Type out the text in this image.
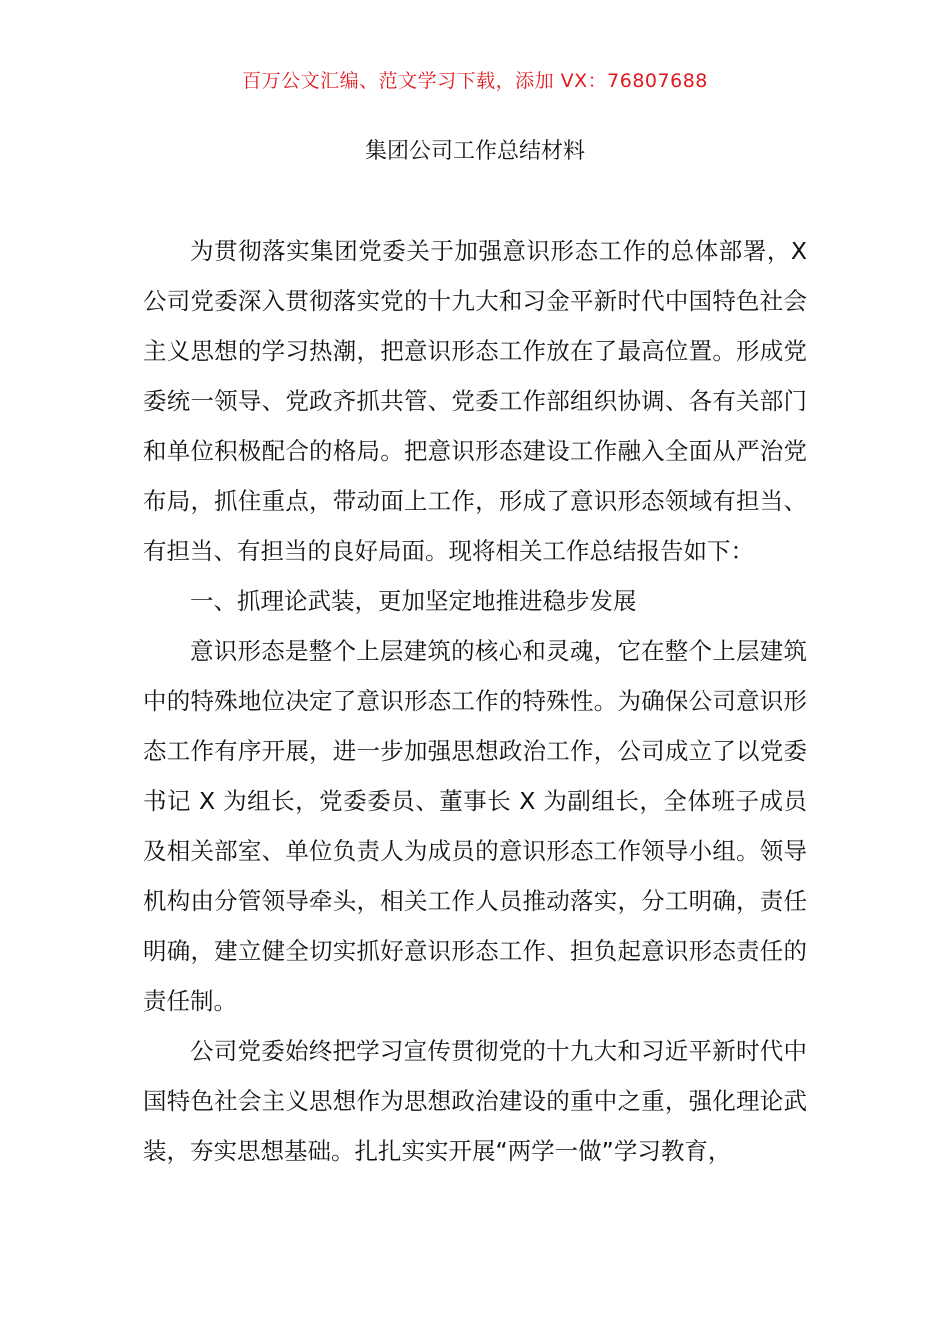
百万公文汇编、范文学习下载，添加 VX：76807688
集团公司工作总结材料

为贯彻落实集团党委关于加强意识形态工作的总体部署，X 公司党委深入贯彻落实党的十九大和习金平新时代中国特色社会主义思想的学习热潮，把意识形态工作放在了最高位置。形成党委统一领导、党政齐抓共管、党委工作部组织协调、各有关部门和单位积极配合的格局。把意识形态建设工作融入全面从严治党布局，抓住重点，带动面上工作，形成了意识形态领域有担当、有担当、有担当的良好局面。现将相关工作总结报告如下：

一、抓理论武装，更加坚定地推进稳步发展

意识形态是整个上层建筑的核心和灵魂，它在整个上层建筑中的特殊地位决定了意识形态工作的特殊性。为确保公司意识形态工作有序开展，进一步加强思想政治工作，公司成立了以党委书记 X 为组长，党委委员、董事长 X 为副组长，全体班子成员及相关部室、单位负责人为成员的意识形态工作领导小组。领导机构由分管领导牵头，相关工作人员推动落实，分工明确，责任明确，建立健全切实抓好意识形态工作、担负起意识形态责任的责任制。

公司党委始终把学习宣传贯彻党的十九大和习近平新时代中国特色社会主义思想作为思想政治建设的重中之重，强化理论武装，夯实思想基础。扎扎实实开展“两学一做”学习教育，
